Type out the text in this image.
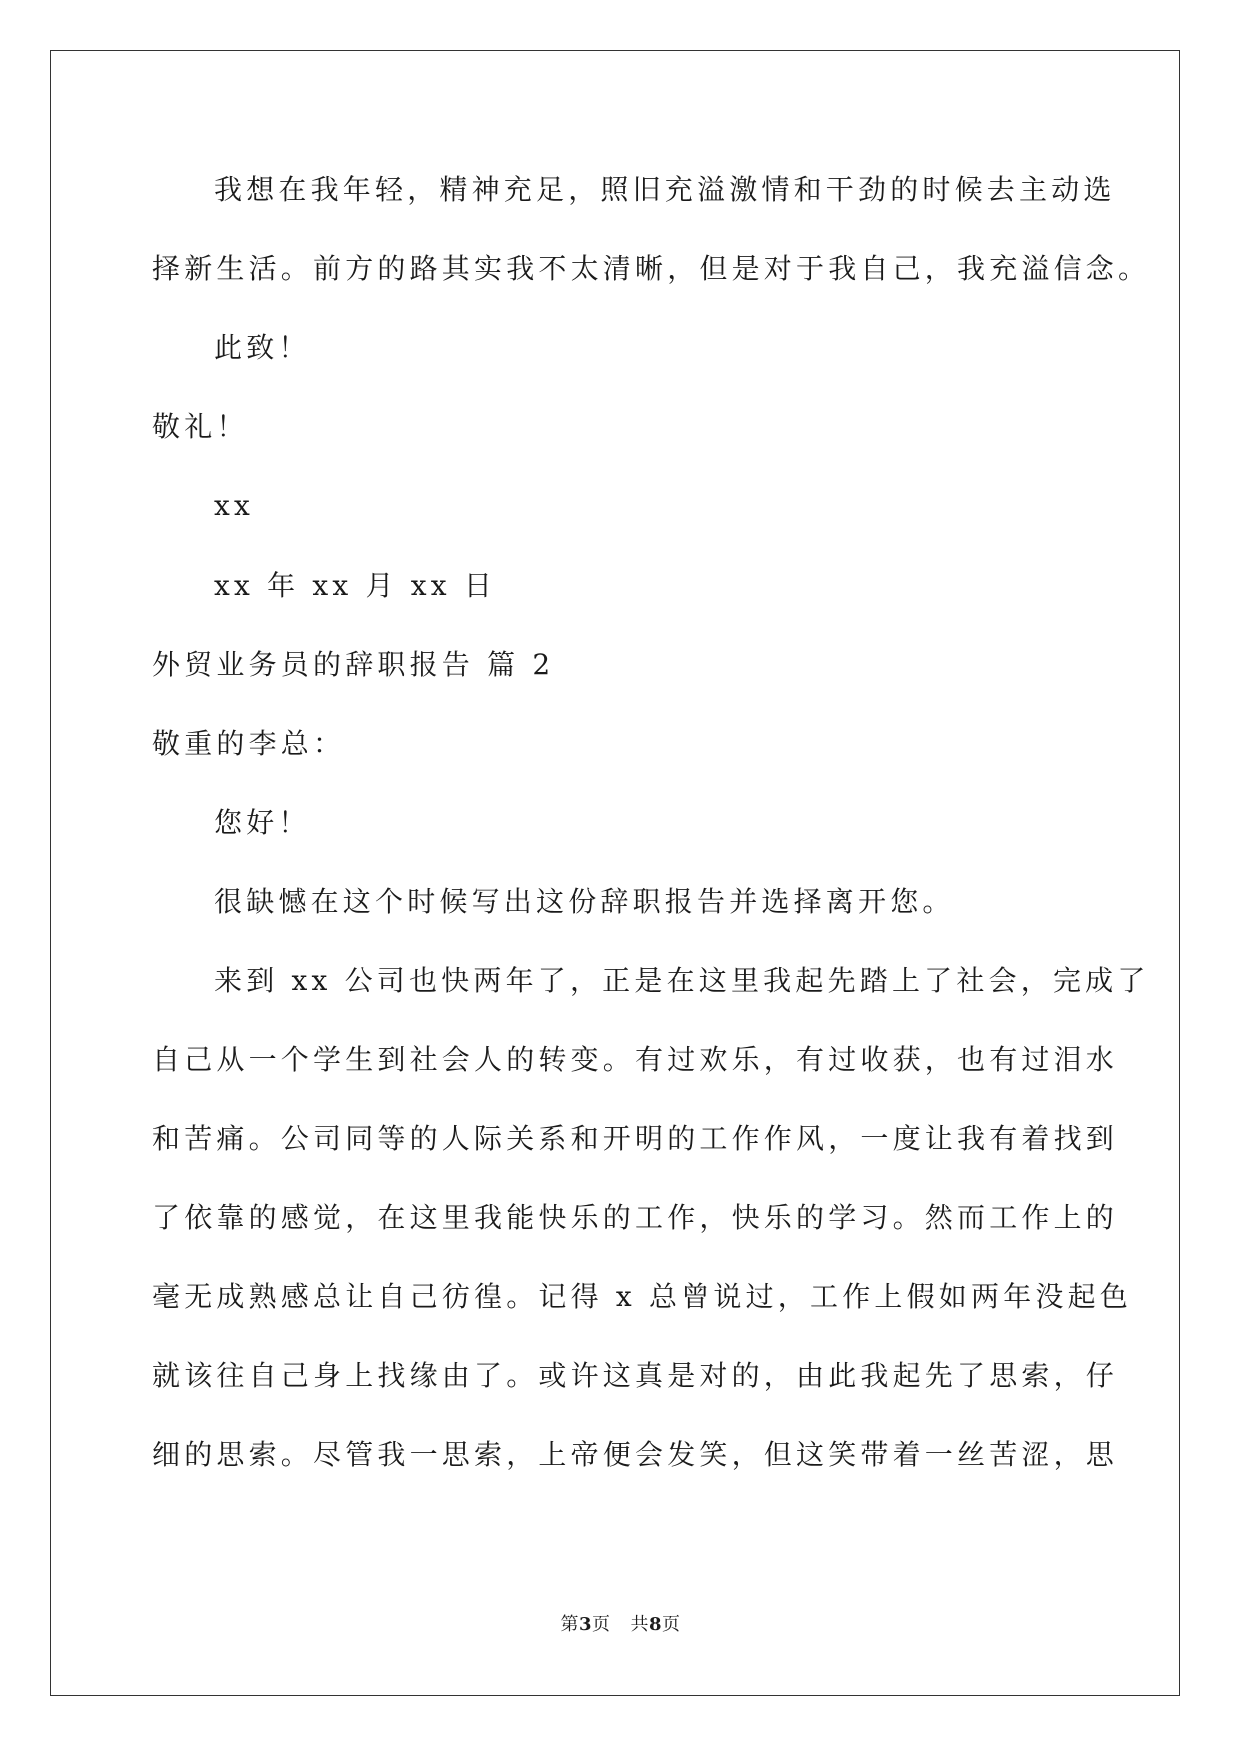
我想在我年轻，精神充足，照旧充溢激情和干劲的时候去主动选
择新生活。前方的路其实我不太清晰，但是对于我自己，我充溢信念。
此致！
敬礼！
xx
xx 年 xx 月 xx 日
外贸业务员的辞职报告 篇 2
敬重的李总：
您好！
很缺憾在这个时候写出这份辞职报告并选择离开您。
来到 xx 公司也快两年了，正是在这里我起先踏上了社会，完成了
自己从一个学生到社会人的转变。有过欢乐，有过收获，也有过泪水
和苦痛。公司同等的人际关系和开明的工作作风，一度让我有着找到
了依靠的感觉，在这里我能快乐的工作，快乐的学习。然而工作上的
毫无成熟感总让自己彷徨。记得 x 总曾说过，工作上假如两年没起色
就该往自己身上找缘由了。或许这真是对的，由此我起先了思索，仔
细的思索。尽管我一思索，上帝便会发笑，但这笑带着一丝苦涩，思
第3页 共8页
